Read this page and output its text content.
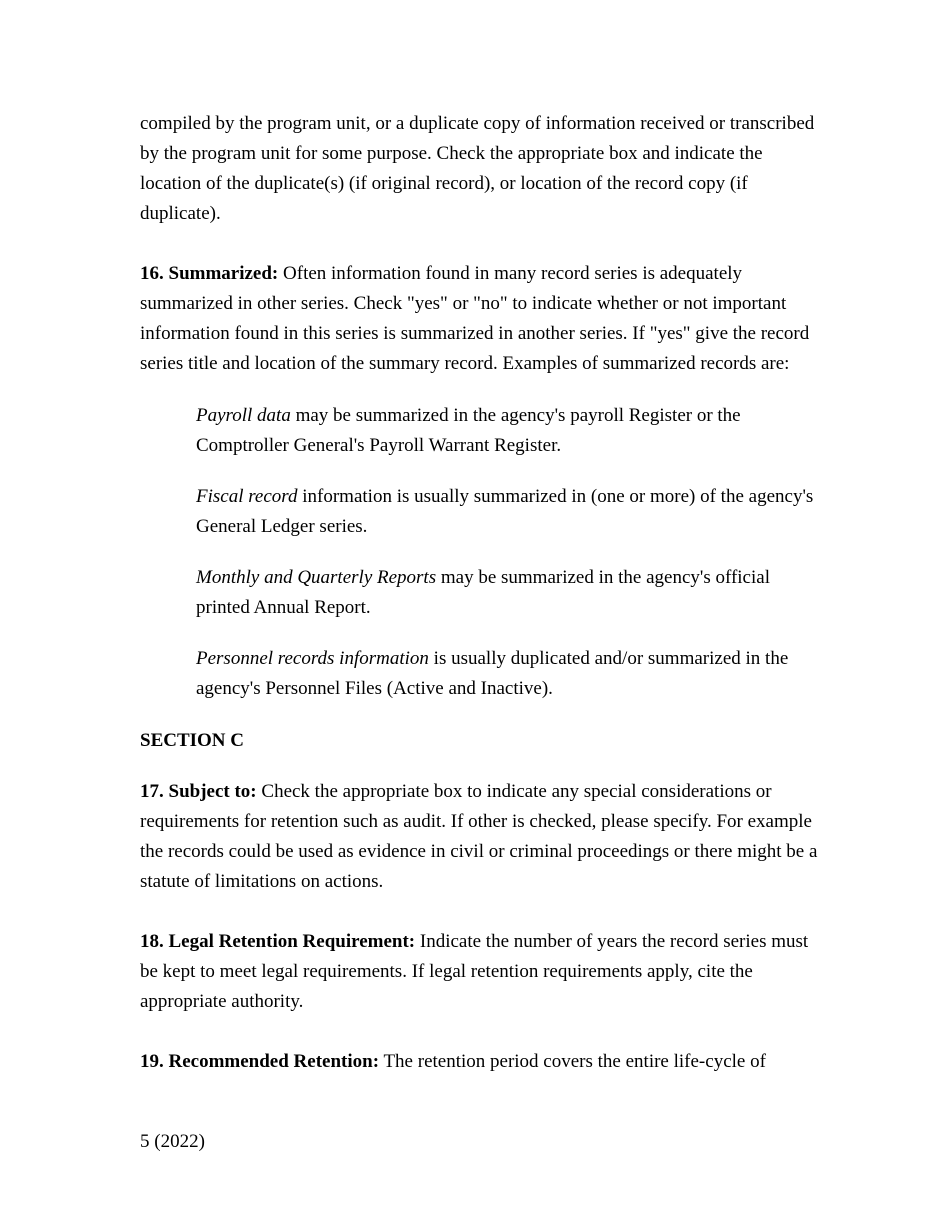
compiled by the program unit, or a duplicate copy of information received or transcribed by the program unit for some purpose. Check the appropriate box and indicate the location of the duplicate(s) (if original record), or location of the record copy (if duplicate).

16. Summarized: Often information found in many record series is adequately summarized in other series. Check "yes" or "no" to indicate whether or not important information found in this series is summarized in another series. If "yes" give the record series title and location of the summary record. Examples of summarized records are:

Payroll data may be summarized in the agency's payroll Register or the Comptroller General's Payroll Warrant Register.

Fiscal record information is usually summarized in (one or more) of the agency's General Ledger series.

Monthly and Quarterly Reports may be summarized in the agency's official printed Annual Report.

Personnel records information is usually duplicated and/or summarized in the agency's Personnel Files (Active and Inactive).

SECTION C

17. Subject to: Check the appropriate box to indicate any special considerations or requirements for retention such as audit. If other is checked, please specify. For example the records could be used as evidence in civil or criminal proceedings or there might be a statute of limitations on actions.

18. Legal Retention Requirement: Indicate the number of years the record series must be kept to meet legal requirements. If legal retention requirements apply, cite the appropriate authority.

19. Recommended Retention: The retention period covers the entire life-cycle of

5 (2022)
